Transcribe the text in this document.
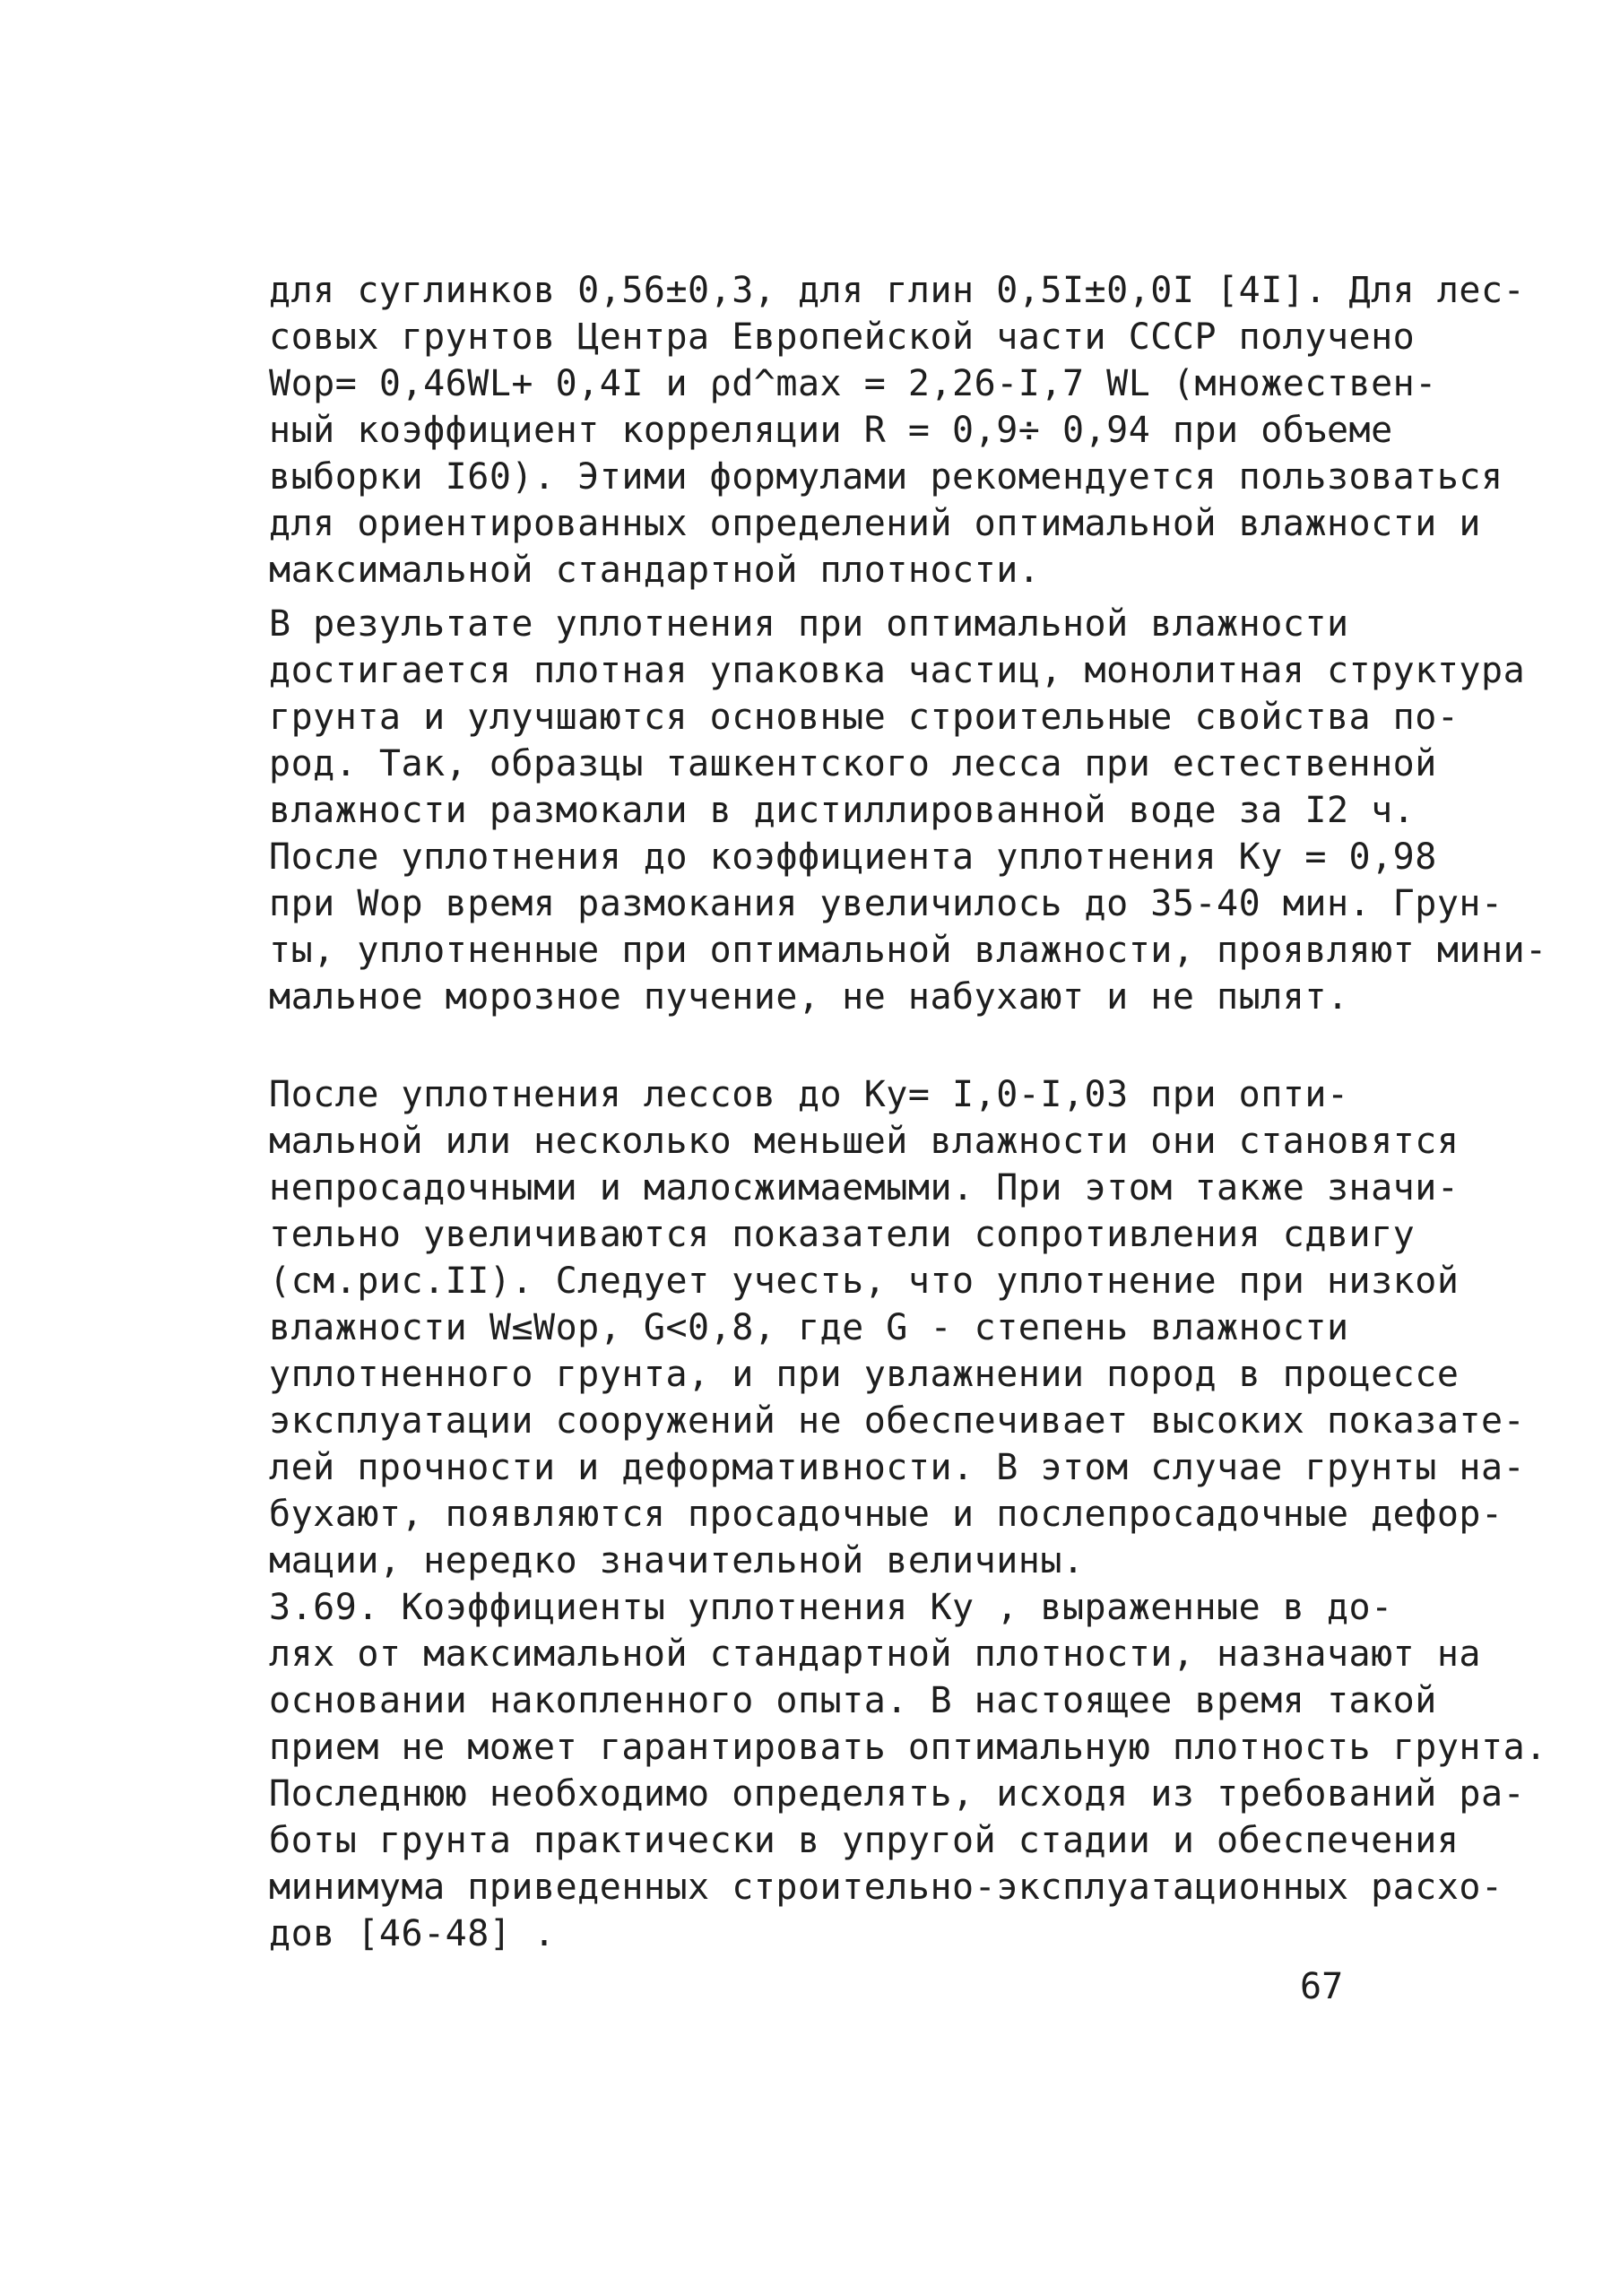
для суглинков 0,56±0,3, для глин 0,5I±0,0I [4I]. Для лес-
совых грунтов Центра Европейской части СССР получено
Wop= 0,46WL+ 0,4I и ρd^max = 2,26-I,7 WL (множествен-
ный коэффициент корреляции R = 0,9÷ 0,94 при объеме
выборки I60). Этими формулами рекомендуется пользоваться
для ориентированных определений оптимальной влажности и
максимальной стандартной плотности.
В результате уплотнения при оптимальной влажности
достигается плотная упаковка частиц, монолитная структура
грунта и улучшаются основные строительные свойства по-
род. Так, образцы ташкентского лесса при естественной
влажности размокали в дистиллированной воде за I2 ч.
После уплотнения до коэффициента уплотнения Ky = 0,98
при Wop время размокания увеличилось до 35-40 мин. Грун-
ты, уплотненные при оптимальной влажности, проявляют мини-
мальное морозное пучение, не набухают и не пылят.
После уплотнения лессов до Ky= I,0-I,03 при опти-
мальной или несколько меньшей влажности они становятся
непросадочными и малосжимаемыми. При этом также значи-
тельно увеличиваются показатели сопротивления сдвигу
(см.рис.II). Следует учесть, что уплотнение при низкой
влажности W≤Wop, G<0,8, где G - степень влажности
уплотненного грунта, и при увлажнении пород в процессе
эксплуатации сооружений не обеспечивает высоких показате-
лей прочности и деформативности. В этом случае грунты на-
бухают, появляются просадочные и послепросадочные дефор-
мации, нередко значительной величины.
3.69. Коэффициенты уплотнения Ky , выраженные в до-
лях от максимальной стандартной плотности, назначают на
основании накопленного опыта. В настоящее время такой
прием не может гарантировать оптимальную плотность грунта.
Последнюю необходимо определять, исходя из требований ра-
боты грунта практически в упругой стадии и обеспечения
минимума приведенных строительно-эксплуатационных расхо-
дов [46-48] .
67
